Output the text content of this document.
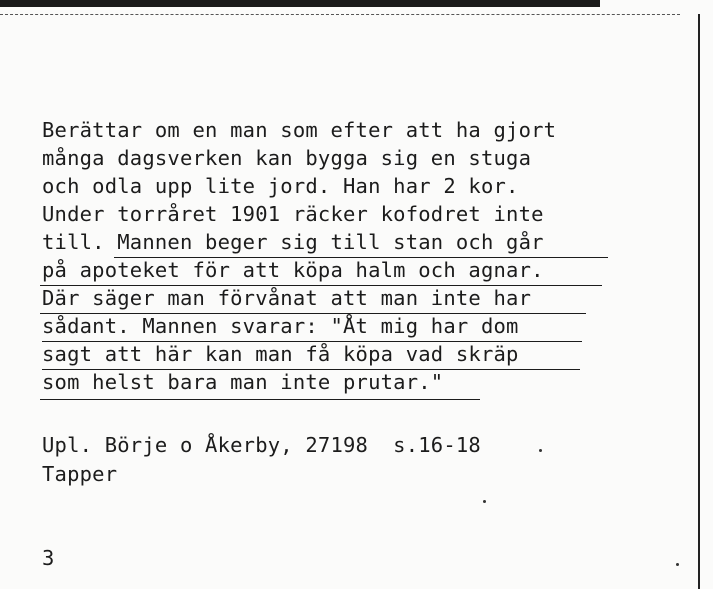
Berättar om en man som efter att ha gjort

många dagsverken kan bygga sig en stuga

och odla upp lite jord. Han har 2 kor.

Under torråret 1901 räcker kofodret inte

till. Mannen beger sig till stan och går

på apoteket för att köpa halm och agnar.

Där säger man förvånat att man inte har

sådant. Mannen svarar: "Åt mig har dom

sagt att här kan man få köpa vad skräp

som helst bara man inte prutar."

Upl. Börje o Åkerby, 27198  s.16-18
Tapper
3
